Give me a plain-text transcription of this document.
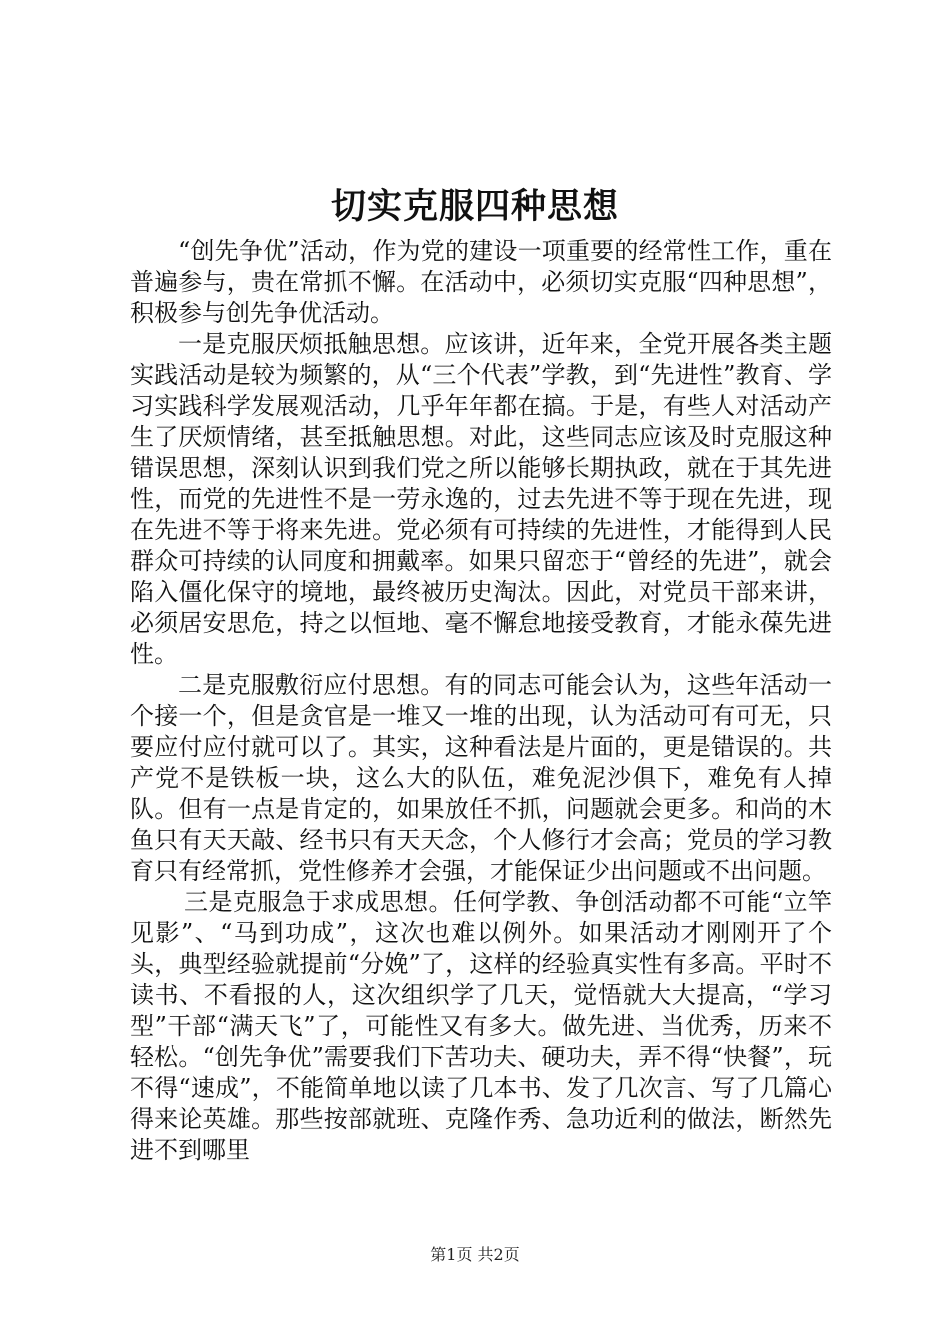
切实克服四种思想

“创先争优”活动，作为党的建设一项重要的经常性工作，重在普遍参与，贵在常抓不懈。在活动中，必须切实克服“四种思想”，积极参与创先争优活动。

一是克服厌烦抵触思想。应该讲，近年来，全党开展各类主题实践活动是较为频繁的，从“三个代表”学教，到“先进性”教育、学习实践科学发展观活动，几乎年年都在搞。于是，有些人对活动产生了厌烦情绪，甚至抵触思想。对此，这些同志应该及时克服这种错误思想，深刻认识到我们党之所以能够长期执政，就在于其先进性，而党的先进性不是一劳永逸的，过去先进不等于现在先进，现在先进不等于将来先进。党必须有可持续的先进性，才能得到人民群众可持续的认同度和拥戴率。如果只留恋于“曾经的先进”，就会陷入僵化保守的境地，最终被历史淘汰。因此，对党员干部来讲，必须居安思危，持之以恒地、毫不懈怠地接受教育，才能永葆先进性。

二是克服敷衍应付思想。有的同志可能会认为，这些年活动一个接一个，但是贪官是一堆又一堆的出现，认为活动可有可无，只要应付应付就可以了。其实，这种看法是片面的，更是错误的。共产党不是铁板一块，这么大的队伍，难免泥沙俱下，难免有人掉队。但有一点是肯定的，如果放任不抓，问题就会更多。和尚的木鱼只有天天敲、经书只有天天念，个人修行才会高；党员的学习教育只有经常抓，党性修养才会强，才能保证少出问题或不出问题。

三是克服急于求成思想。任何学教、争创活动都不可能“立竿见影”、“马到功成”，这次也难以例外。如果活动才刚刚开了个头，典型经验就提前“分娩”了，这样的经验真实性有多高。平时不读书、不看报的人，这次组织学了几天，觉悟就大大提高，“学习型”干部“满天飞”了，可能性又有多大。做先进、当优秀，历来不轻松。“创先争优”需要我们下苦功夫、硬功夫，弄不得“快餐”，玩不得“速成”，不能简单地以读了几本书、发了几次言、写了几篇心得来论英雄。那些按部就班、克隆作秀、急功近利的做法，断然先进不到哪里

第1页 共2页
